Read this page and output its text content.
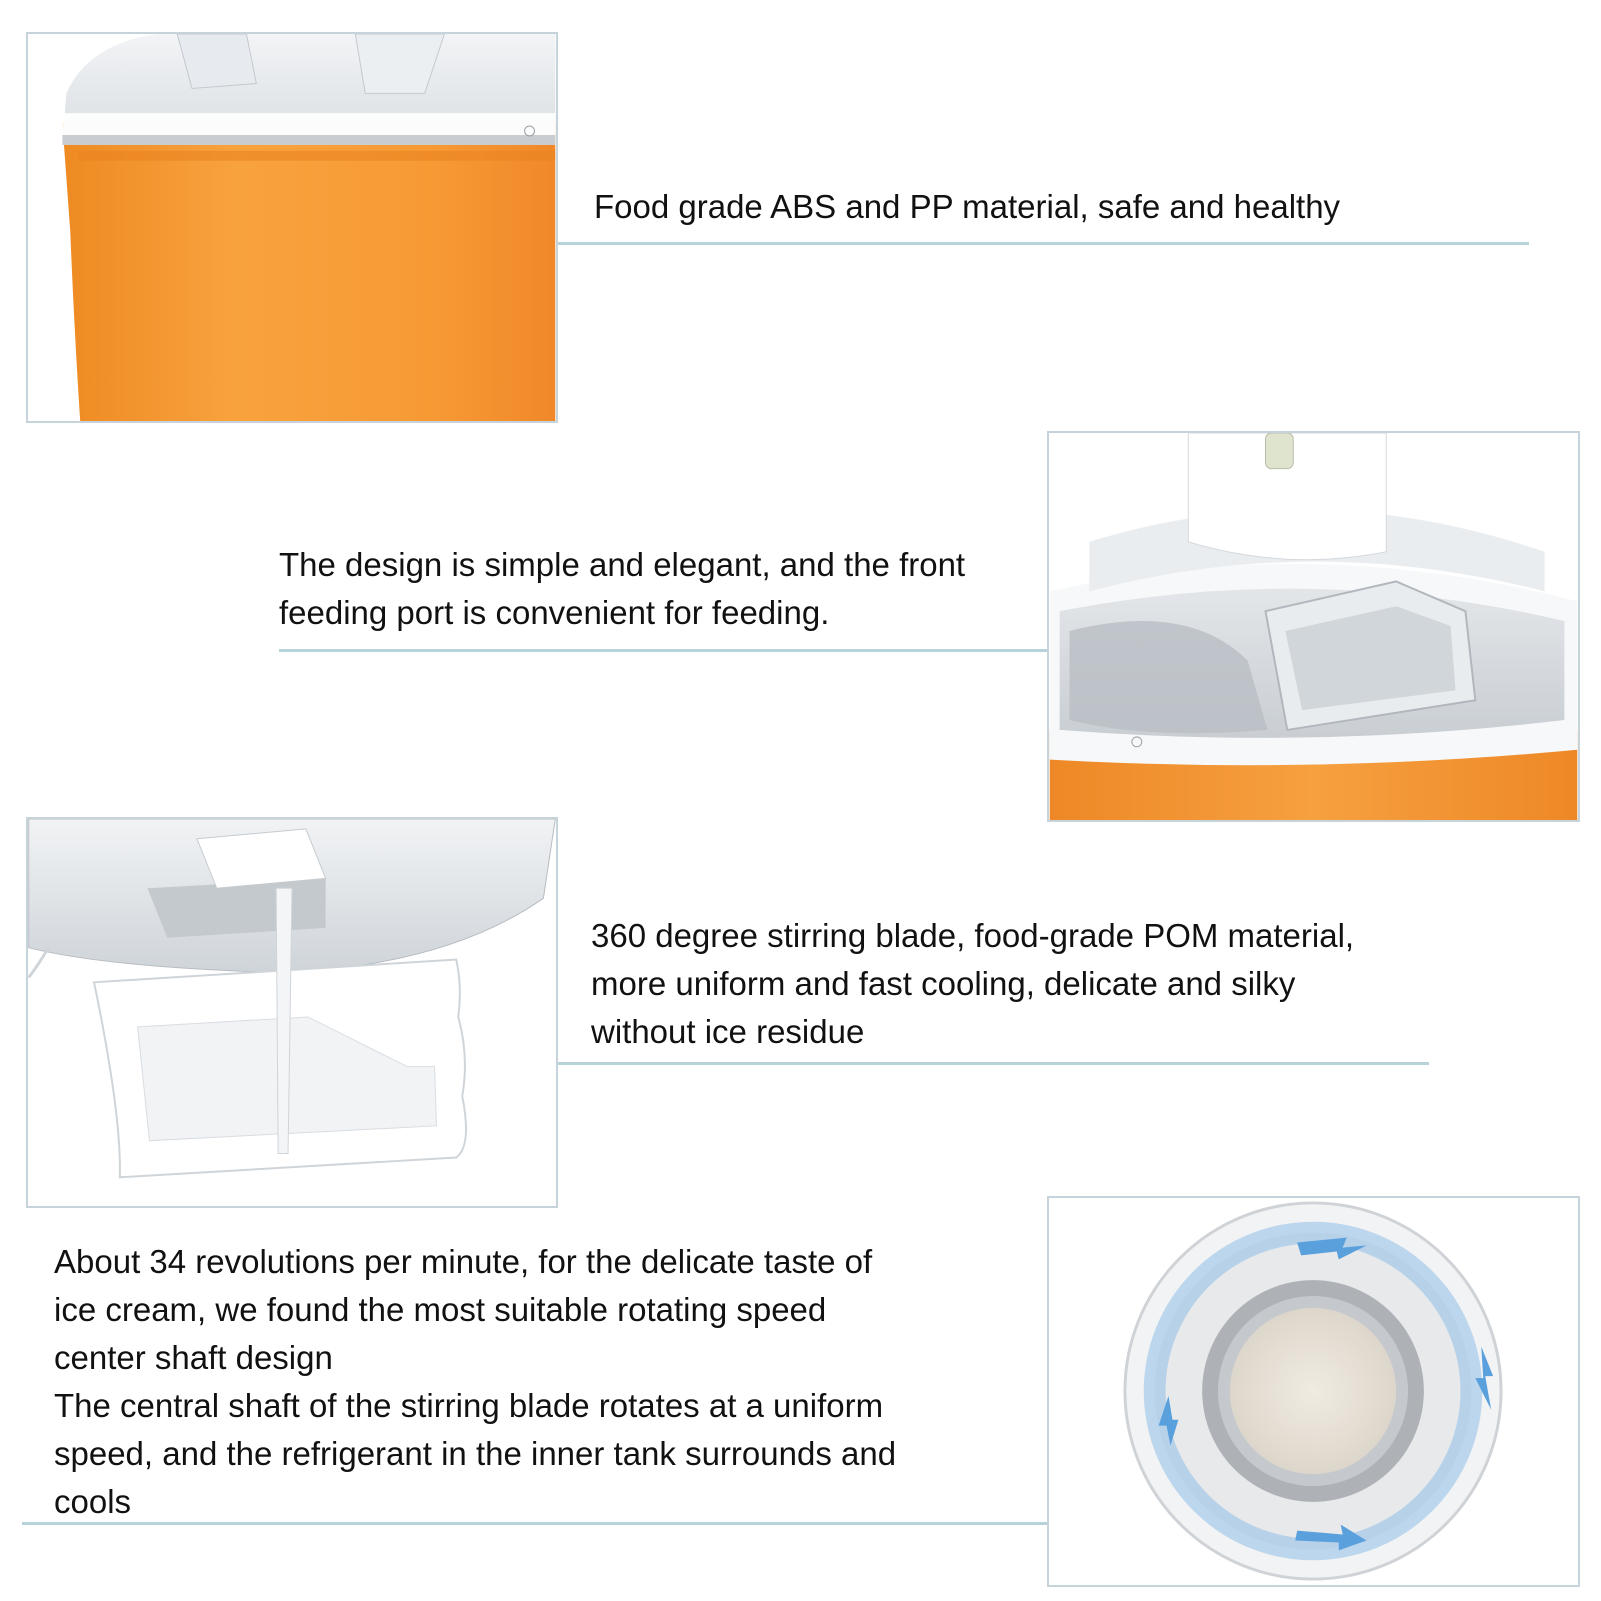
Food grade ABS and PP material, safe and healthy

The design is simple and elegant, and the front

feeding port is convenient for feeding.

360 degree stirring blade, food-grade POM material,

more uniform and fast cooling, delicate and silky

without ice residue

About 34 revolutions per minute, for the delicate taste of

ice cream, we found the most suitable rotating speed

center shaft design

The central shaft of the stirring blade rotates at a uniform

speed, and the refrigerant in the inner tank surrounds and

cools
